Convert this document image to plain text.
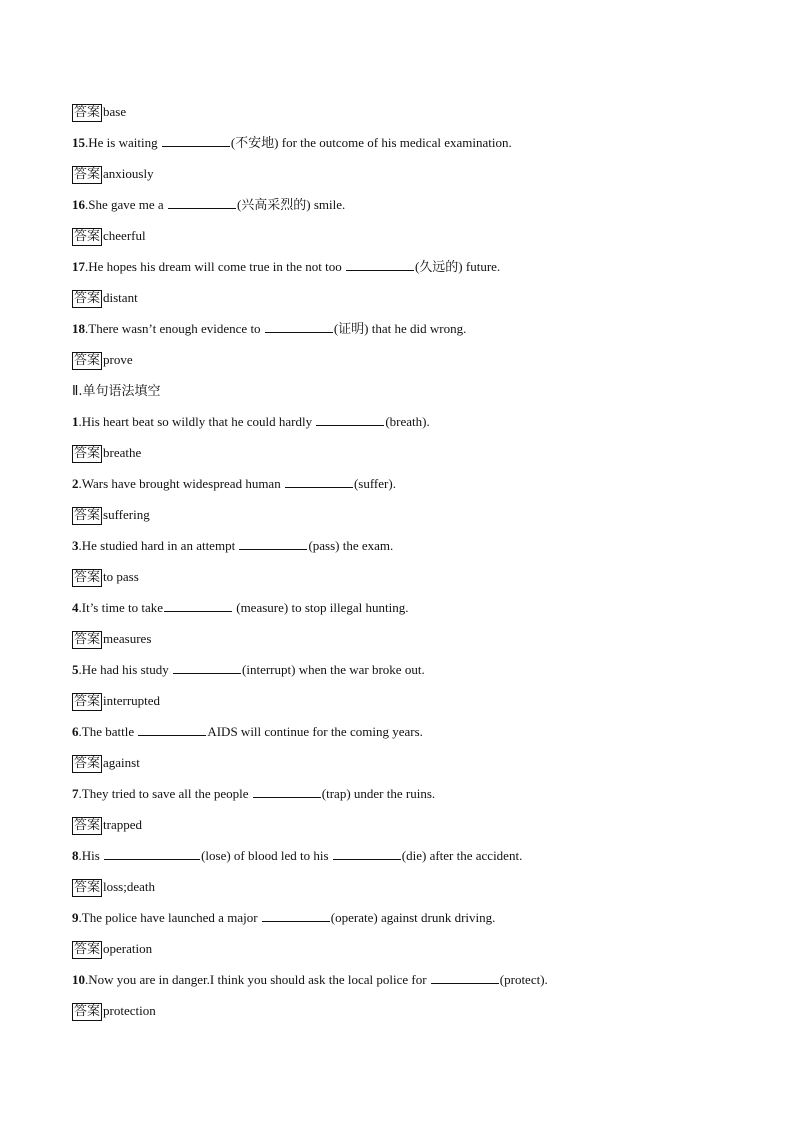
答案 base
15.He is waiting	(不安地) for the outcome of his medical examination.
答案 anxiously
16.She gave me a	(兴高采烈的) smile.
答案 cheerful
17.He hopes his dream will come true in the not too	(久远的) future.
答案 distant
18.There wasn’t enough evidence to	(证明) that he did wrong.
答案 prove
Ⅱ.单句语法填空
1.His heart beat so wildly that he could hardly	(breath).
答案 breathe
2.Wars have brought widespread human	(suffer).
答案 suffering
3.He studied hard in an attempt	(pass) the exam.
答案 to pass
4.It’s time to take	(measure) to stop illegal hunting.
答案 measures
5.He had his study	(interrupt) when the war broke out.
答案 interrupted
6.The battle	AIDS will continue for the coming years.
答案 against
7.They tried to save all the people	(trap) under the ruins.
答案 trapped
8.His	(lose) of blood led to his	(die) after the accident.
答案 loss;death
9.The police have launched a major	(operate) against drunk driving.
答案 operation
10.Now you are in danger.I think you should ask the local police for	(protect).
答案 protection
